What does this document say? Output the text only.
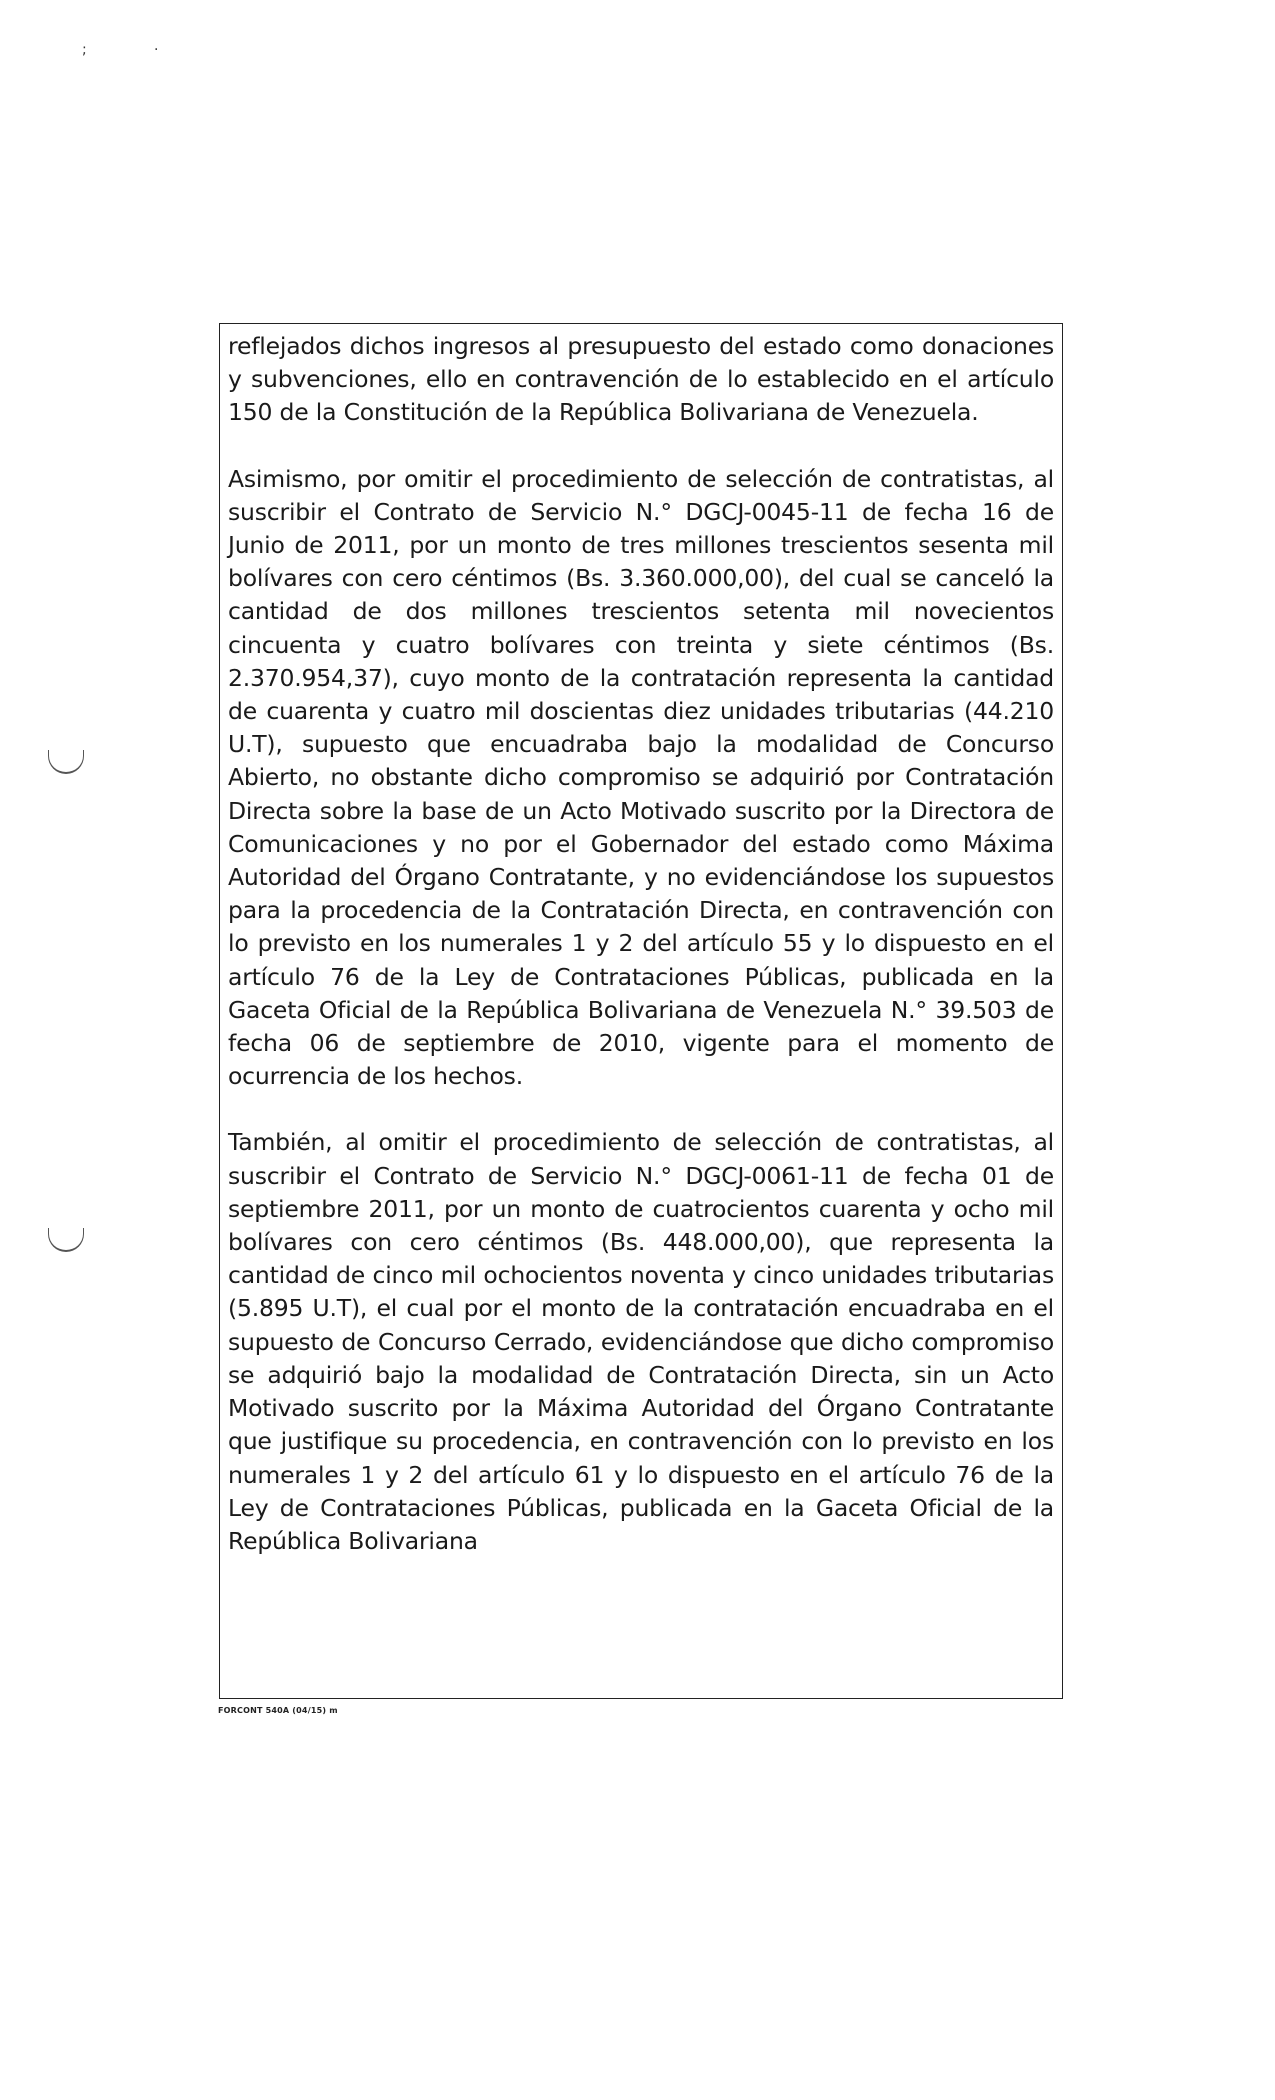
;	·

reflejados dichos ingresos al presupuesto del estado como donaciones y subvenciones, ello en contravención de lo establecido en el artículo 150 de la Constitución de la República Bolivariana de Venezuela.

Asimismo, por omitir el procedimiento de selección de contratistas, al suscribir el Contrato de Servicio N.° DGCJ-0045-11 de fecha 16 de Junio de 2011, por un monto de tres millones trescientos sesenta mil bolívares con cero céntimos (Bs. 3.360.000,00), del cual se canceló la cantidad de dos millones trescientos setenta mil novecientos cincuenta y cuatro bolívares con treinta y siete céntimos (Bs. 2.370.954,37), cuyo monto de la contratación representa la cantidad de cuarenta y cuatro mil doscientas diez unidades tributarias (44.210 U.T), supuesto que encuadraba bajo la modalidad de Concurso Abierto, no obstante dicho compromiso se adquirió por Contratación Directa sobre la base de un Acto Motivado suscrito por la Directora de Comunicaciones y no por el Gobernador del estado como Máxima Autoridad del Órgano Contratante, y no evidenciándose los supuestos para la procedencia de la Contratación Directa, en contravención con lo previsto en los numerales 1 y 2 del artículo 55 y lo dispuesto en el artículo 76 de la Ley de Contrataciones Públicas, publicada en la Gaceta Oficial de la República Bolivariana de Venezuela N.° 39.503 de fecha 06 de septiembre de 2010, vigente para el momento de ocurrencia de los hechos.

También, al omitir el procedimiento de selección de contratistas, al suscribir el Contrato de Servicio N.° DGCJ-0061-11 de fecha 01 de septiembre 2011, por un monto de cuatrocientos cuarenta y ocho mil bolívares con cero céntimos (Bs. 448.000,00), que representa la cantidad de cinco mil ochocientos noventa y cinco unidades tributarias (5.895 U.T), el cual por el monto de la contratación encuadraba en el supuesto de Concurso Cerrado, evidenciándose que dicho compromiso se adquirió bajo la modalidad de Contratación Directa, sin un Acto Motivado suscrito por la Máxima Autoridad del Órgano Contratante que justifique su procedencia, en contravención con lo previsto en los numerales 1 y 2 del artículo 61 y lo dispuesto en el artículo 76 de la Ley de Contrataciones Públicas, publicada en la Gaceta Oficial de la República Bolivariana

FORCONT 540A (04/15) m
